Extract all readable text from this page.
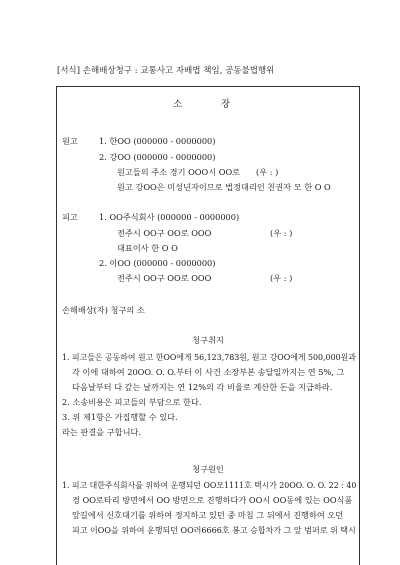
[서식] 손해배상청구 : 교통사고 자배법 책임, 공동불법행위
소	장
원고	1. 한OO (000000 - 0000000)
2. 강OO (000000 - 0000000)
원고들의 주소 경기 OOO시 OO로 (우 : )
원고 강OO은 미성년자이므로 법정대리인 친권자 모 한 O O
피고	1. OO주식회사 (000000 - 0000000)
전주시 OO구 OO로 OOO	(우 : )
대표이사 한 O O
2. 이OO (000000 - 0000000)
전주시 OO구 OO로 OOO	(우 : )
손해배상(자) 청구의 소
청구취지
1. 피고들은 공동하여 원고 한OO에게 56,123,783원, 원고 강OO에게 500,000원과
각 이에 대하여 20OO. O. O.부터 이 사건 소장부본 송달일까지는 연 5%, 그
다음날부터 다 갚는 날까지는 연 12%의 각 비율로 계산한 돈을 지급하라.
2. 소송비용은 피고들의 부담으로 한다.
3. 위 제1항은 가집행할 수 있다.
라는 판결을 구합니다.
청구원인
1. 피고 대한주식회사를 위하여 운행되던 OO모1111호 택시가 20OO. O. O. 22 : 40
경 OO로타리 방면에서 OO 방면으로 진행하다가 OO시 OO동에 있는 OO식품
앞길에서 신호대기를 위하여 정지하고 있던 중 마침 그 뒤에서 진행하여 오던
피고 이OO을 위하여 운행되던 OO러6666호 봉고 승합차가 그 앞 범퍼로 위 택시
